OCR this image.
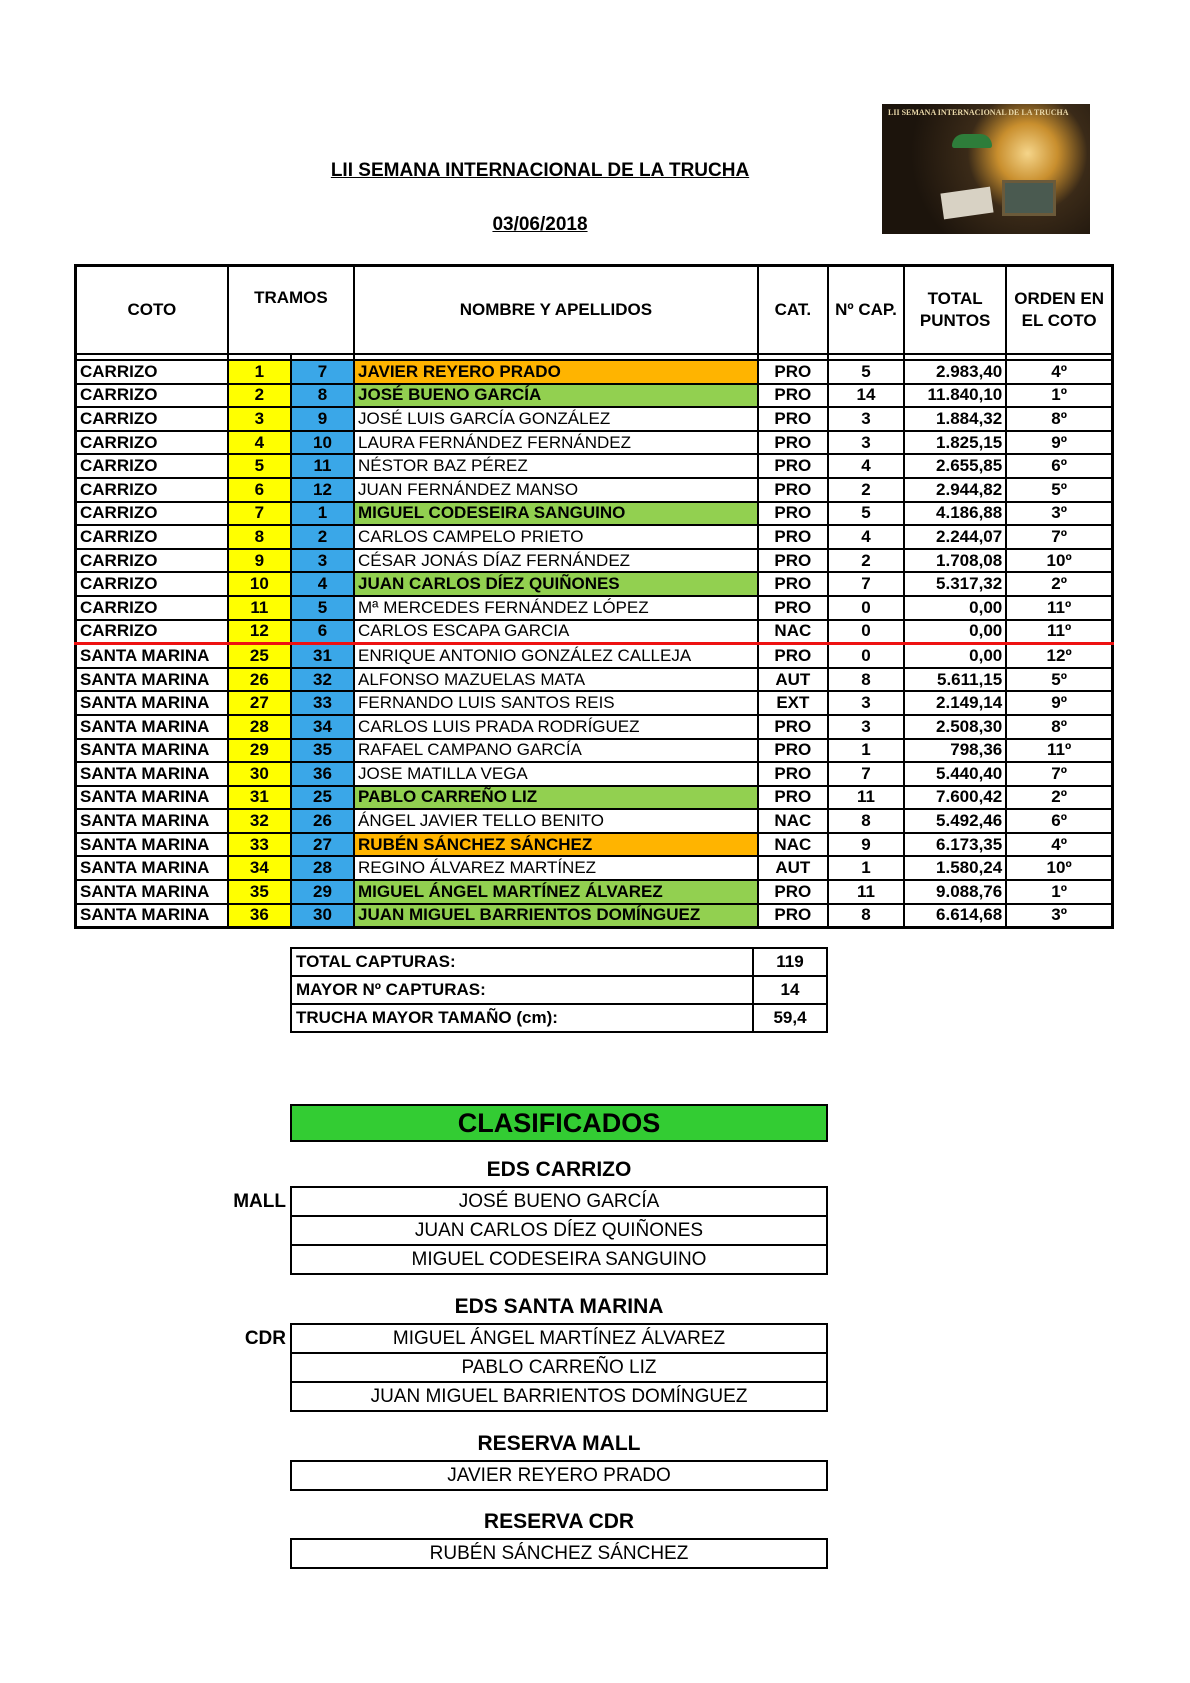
LII SEMANA INTERNACIONAL DE LA TRUCHA
03/06/2018
LII SEMANA INTERNACIONAL DE LA TRUCHA
COTO	TRAMOS		NOMBRE Y APELLIDOS	CAT.	Nº CAP.	TOTAL PUNTOS	ORDEN EN EL COTO

CARRIZO	1	7	JAVIER REYERO PRADO	PRO	5	2.983,40	4º
CARRIZO	2	8	JOSÉ BUENO GARCÍA	PRO	14	11.840,10	1º
CARRIZO	3	9	JOSÉ LUIS GARCÍA GONZÁLEZ	PRO	3	1.884,32	8º
CARRIZO	4	10	LAURA FERNÁNDEZ FERNÁNDEZ	PRO	3	1.825,15	9º
CARRIZO	5	11	NÉSTOR BAZ PÉREZ	PRO	4	2.655,85	6º
CARRIZO	6	12	JUAN FERNÁNDEZ MANSO	PRO	2	2.944,82	5º
CARRIZO	7	1	MIGUEL CODESEIRA SANGUINO	PRO	5	4.186,88	3º
CARRIZO	8	2	CARLOS CAMPELO PRIETO	PRO	4	2.244,07	7º
CARRIZO	9	3	CÉSAR JONÁS DÍAZ FERNÁNDEZ	PRO	2	1.708,08	10º
CARRIZO	10	4	JUAN CARLOS DÍEZ QUIÑONES	PRO	7	5.317,32	2º
CARRIZO	11	5	Mª MERCEDES FERNÁNDEZ LÓPEZ	PRO	0	0,00	11º
CARRIZO	12	6	CARLOS ESCAPA GARCIA	NAC	0	0,00	11º
SANTA MARINA	25	31	ENRIQUE ANTONIO GONZÁLEZ CALLEJA	PRO	0	0,00	12º
SANTA MARINA	26	32	ALFONSO MAZUELAS MATA	AUT	8	5.611,15	5º
SANTA MARINA	27	33	FERNANDO LUIS SANTOS REIS	EXT	3	2.149,14	9º
SANTA MARINA	28	34	CARLOS LUIS PRADA RODRÍGUEZ	PRO	3	2.508,30	8º
SANTA MARINA	29	35	RAFAEL CAMPANO GARCÍA	PRO	1	798,36	11º
SANTA MARINA	30	36	JOSE MATILLA VEGA	PRO	7	5.440,40	7º
SANTA MARINA	31	25	PABLO CARREÑO LIZ	PRO	11	7.600,42	2º
SANTA MARINA	32	26	ÁNGEL JAVIER TELLO BENITO	NAC	8	5.492,46	6º
SANTA MARINA	33	27	RUBÉN SÁNCHEZ SÁNCHEZ	NAC	9	6.173,35	4º
SANTA MARINA	34	28	REGINO ÁLVAREZ MARTÍNEZ	AUT	1	1.580,24	10º
SANTA MARINA	35	29	MIGUEL ÁNGEL MARTÍNEZ ÁLVAREZ	PRO	11	9.088,76	1º
SANTA MARINA	36	30	JUAN MIGUEL BARRIENTOS DOMÍNGUEZ	PRO	8	6.614,68	3º
TOTAL CAPTURAS:	119
MAYOR Nº CAPTURAS:	14
TRUCHA MAYOR TAMAÑO (cm):	59,4
CLASIFICADOS
EDS CARRIZO
MALL	JOSÉ BUENO GARCÍA
JUAN CARLOS DÍEZ QUIÑONES
MIGUEL CODESEIRA SANGUINO
EDS SANTA MARINA
CDR	MIGUEL ÁNGEL MARTÍNEZ ÁLVAREZ
PABLO CARREÑO LIZ
JUAN MIGUEL BARRIENTOS DOMÍNGUEZ
RESERVA MALL
JAVIER REYERO PRADO
RESERVA CDR
RUBÉN SÁNCHEZ SÁNCHEZ
